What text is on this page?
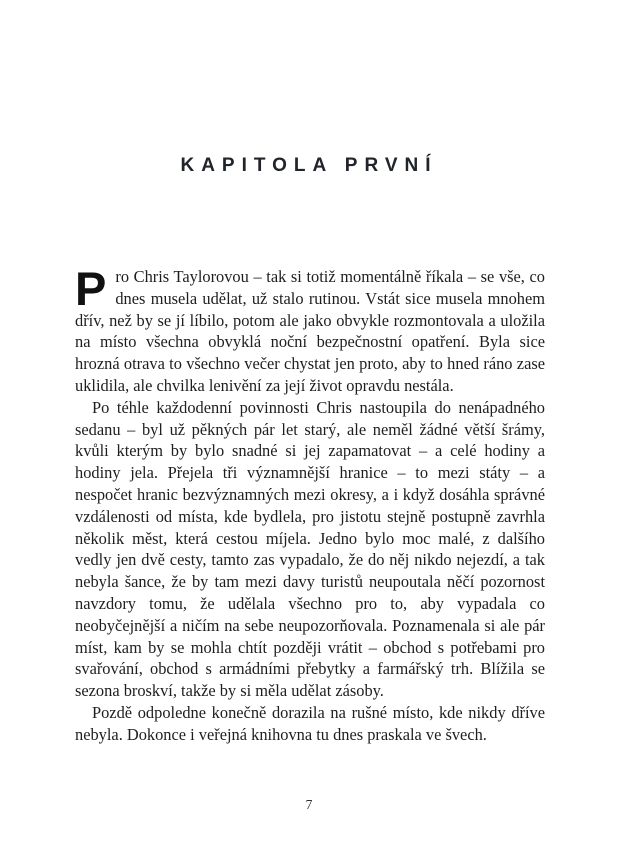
KAPITOLA PRVNÍ

Pro Chris Taylorovou – tak si totiž momentálně říkala – se vše, co dnes musela udělat, už stalo rutinou. Vstát sice musela mnohem dřív, než by se jí líbilo, potom ale jako obvykle rozmontovala a uložila na místo všechna obvyklá noční bezpečnostní opatření. Byla sice hrozná otrava to všechno večer chystat jen proto, aby to hned ráno zase uklidila, ale chvilka lenivění za její život opravdu nestála.

Po téhle každodenní povinnosti Chris nastoupila do nenápadného sedanu – byl už pěkných pár let starý, ale neměl žádné větší šrámy, kvůli kterým by bylo snadné si jej zapamatovat – a celé hodiny a hodiny jela. Přejela tři významnější hranice – to mezi státy – a nespočet hranic bezvýznamných mezi okresy, a i když dosáhla správné vzdálenosti od místa, kde bydlela, pro jistotu stejně postupně zavrhla několik měst, která cestou míjela. Jedno bylo moc malé, z dalšího vedly jen dvě cesty, tamto zas vypadalo, že do něj nikdo nejezdí, a tak nebyla šance, že by tam mezi davy turistů neupoutala něčí pozornost navzdory tomu, že udělala všechno pro to, aby vypadala co neobyčejnější a ničím na sebe neupozorňovala. Poznamenala si ale pár míst, kam by se mohla chtít později vrátit – obchod s potřebami pro svařování, obchod s armádními přebytky a farmářský trh. Blížila se sezona broskví, takže by si měla udělat zásoby.

Pozdě odpoledne konečně dorazila na rušné místo, kde nikdy dříve nebyla. Dokonce i veřejná knihovna tu dnes praskala ve švech.

7
